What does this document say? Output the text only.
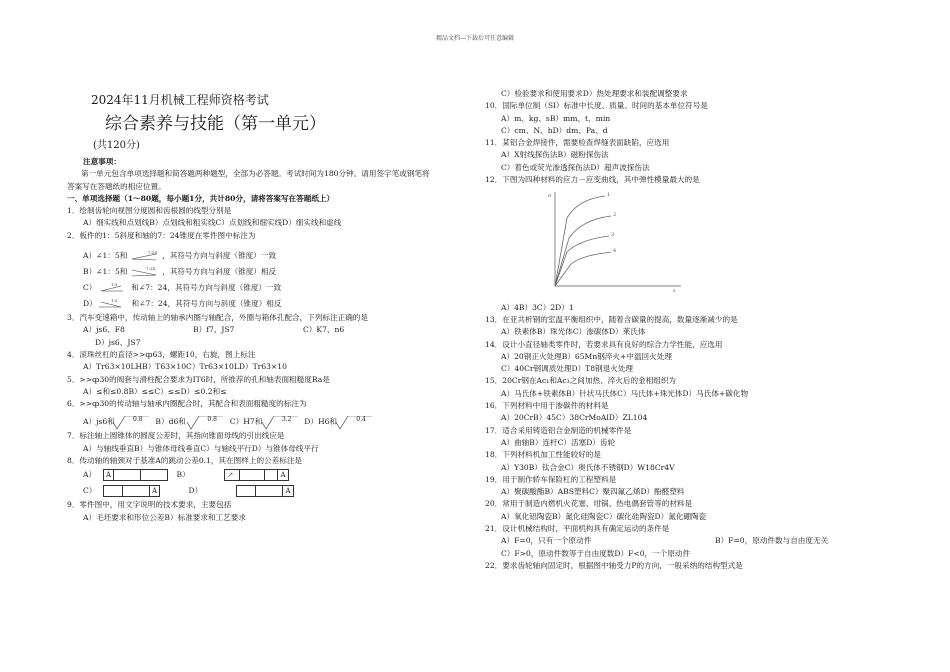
精品文档---下载后可任意编辑
2024年11月机械工程师资格考试
综合素养与技能（第一单元）
(共120分)
注意事项：
第一单元包含单项选择题和简答题两种题型，全部为必答题。考试时间为180分钟。请用签字笔或钢笔将答案写在答题纸的相应位置。
一、单项选择题（1～80题，每小题1分，共计80分，请将答案写在答题纸上）
1．绘制齿轮向视图分度圆和齿根圆的线型分别是
A）细实线和点划线B）点划线和粗实线C）点划线和细实线D）细实线和虚线
2．板件的1：5斜度和轴的7：24锥度在零件图中标注为
A）∠1：5和	7:24 ，其符号方向与斜度（锥度）一致
B）∠1：5和	7:24 ，其符号方向与斜度（锥度）相反
C）	1:5 和∠7：24，其符号方向与斜度（锥度）一致
D）	1:5 和∠7：24，其符号方向与斜度（锥度）相反
3．汽车变速箱中，传动轴上的轴承内圈与轴配合，外圈与箱体孔配合，下列标注正确的是
A）js6、F8	B）f7、JS7	C）K7、n6
D）js6、JS7
4．滚珠丝杠的直径>>ȹ63，螺距10，右旋，图上标注
A）Tr63×10LHB）T63×10C）Tr63×10LD）Tr63×10
5．>>ȹ30的阀套与滑柱配合要求为IT6时，所推荐的孔和轴表面粗糙度Ra是
A）≤和≤0.8B）≤≤C）≤≤D）≤0.2和≤
6．>>ȹ30的传动轴与轴承内圈配合时，其配合和表面粗糙度的标注为
A）js6和	0.8 B）d6和	0.8 C）H7和	3.2 D）H6和	0.4
7．标注轴上圆锥体的圆度公差时，其指向锥面母线的引出线应是
A）与轴线垂直B）与锥体母线垂直C）与轴线平行D）与锥体母线平行
8．传动轴的轴颈对于基准A的跳动公差0.1，其在图样上的公差标注是
A） A	B）	↗	A
C）	A	D）	A
9．零件图中，用文字说明的技术要求，主要包括
A）毛坯要求和形位公差B）标准要求和工艺要求
C）检验要求和使用要求D）热处理要求和装配调整要求
10．国际单位制（SI）标准中长度、质量、时间的基本单位符号是
A）m、kg、sB）mm、t、min
C）cm、N、hD）dm、Pa、d
11．某铝合金焊接件，需要检查焊缝表面缺陷，应选用
A）X射线探伤法B）磁粉探伤法
C）着色或荧光渗透探伤法D）超声波探伤法
12．下图为四种材料的应力－应变曲线，其中弹性模量最大的是
σ
ε
1
2
3
4
A）4B）3C）2D）1
13．在亚共析钢的室温平衡组织中，随着含碳量的提高，数量逐渐减少的是
A）铁素体B）珠光体C）渗碳体D）莱氏体
14．设计小直径轴类零件时，若要求具有良好的综合力学性能，应选用
A）20钢正火处理B）65Mn钢淬火+中温回火处理
C）40Cr钢调质处理D）T8钢退火处理
15．20Cr钢在Ac₁和Ac₃之间加热、淬火后的金相组织为
A）马氏体+铁素体B）针状马氏体C）马氏体+珠光体D）马氏体+碳化物
16．下列材料中用于渗碳件的材料是
A）20CrB）45C）38CrMoAlD）ZL104
17．适合采用铸造铝合金制造的机械零件是
A）曲轴B）连杆C）活塞D）齿轮
18．下列材料机加工性能较好的是
A）Y30B）钛合金C）奥氏体不锈钢D）W18Cr4V
19．用于制作轿车保险杠的工程塑料是
A）聚碳酸酯B）ABS塑料C）聚四氟乙烯D）酚醛塑料
20．常用于制造内燃机火花塞、坩锅、热电偶套管等的材料是
A）氧化铝陶瓷B）氮化硅陶瓷C）碳化硅陶瓷D）氮化硼陶瓷
21．设计机械结构时，平面机构具有确定运动的条件是
A）F=0，只有一个原动件	B）F=0，原动件数与自由度无关
C）F>0，原动件数等于自由度数D）F<0，一个原动件
22．要求齿轮轴向固定时，根据图中轴受力P的方向，一般采纳的结构型式是
